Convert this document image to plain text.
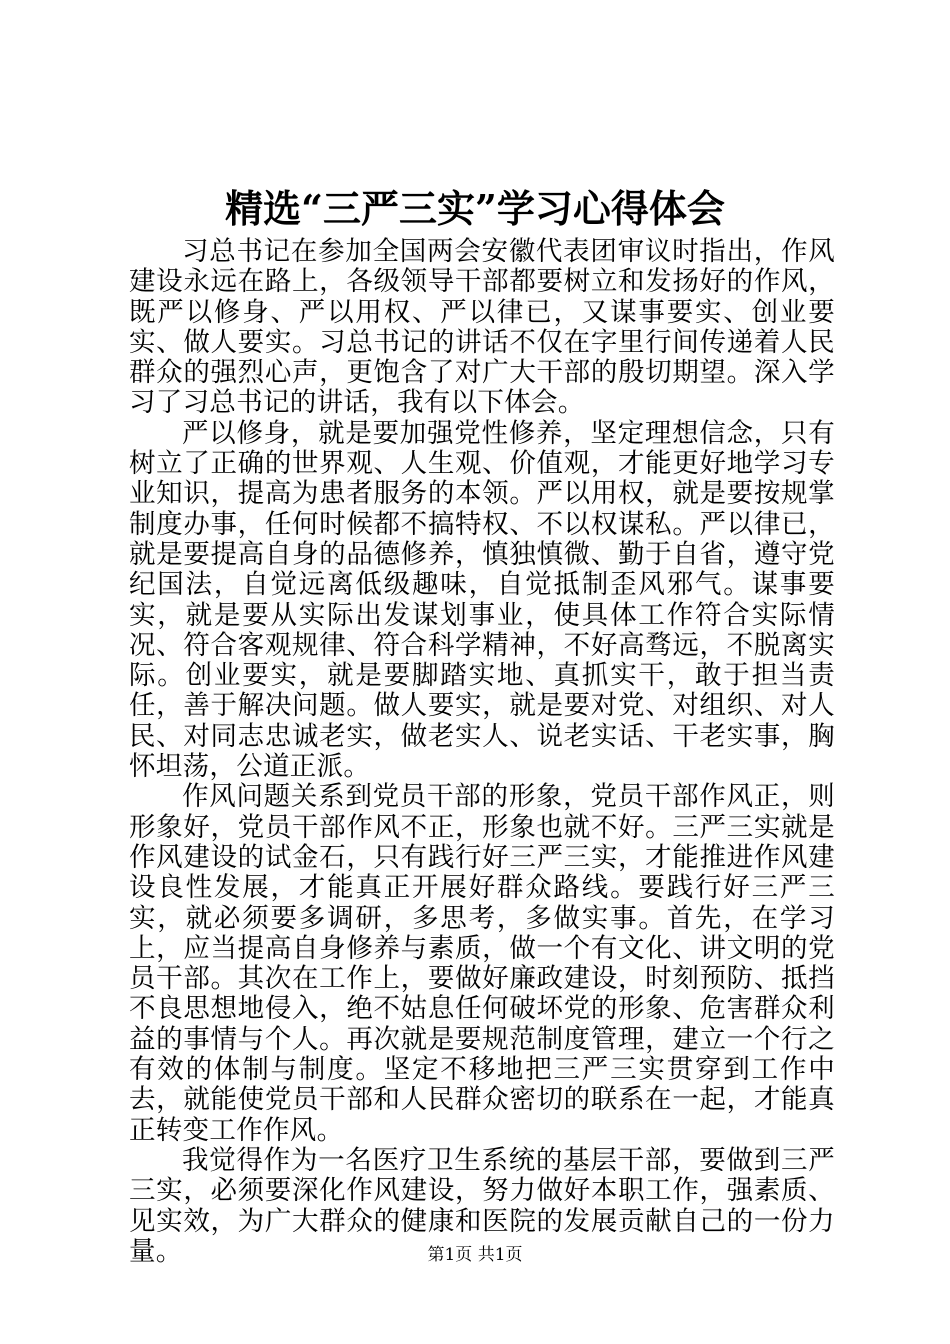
精选“三严三实”学习心得体会

习总书记在参加全国两会安徽代表团审议时指出，作风建设永远在路上，各级领导干部都要树立和发扬好的作风，既严以修身、严以用权、严以律已，又谋事要实、创业要实、做人要实。习总书记的讲话不仅在字里行间传递着人民群众的强烈心声，更饱含了对广大干部的殷切期望。深入学习了习总书记的讲话，我有以下体会。

严以修身，就是要加强党性修养，坚定理想信念，只有树立了正确的世界观、人生观、价值观，才能更好地学习专业知识，提高为患者服务的本领。严以用权，就是要按规掌制度办事，任何时候都不搞特权、不以权谋私。严以律已，就是要提高自身的品德修养，慎独慎微、勤于自省，遵守党纪国法，自觉远离低级趣味，自觉抵制歪风邪气。谋事要实，就是要从实际出发谋划事业，使具体工作符合实际情况、符合客观规律、符合科学精神，不好高骛远，不脱离实际。创业要实，就是要脚踏实地、真抓实干，敢于担当责任，善于解决问题。做人要实，就是要对党、对组织、对人民、对同志忠诚老实，做老实人、说老实话、干老实事，胸怀坦荡，公道正派。

作风问题关系到党员干部的形象，党员干部作风正，则形象好，党员干部作风不正，形象也就不好。三严三实就是作风建设的试金石，只有践行好三严三实，才能推进作风建设良性发展，才能真正开展好群众路线。要践行好三严三实，就必须要多调研，多思考，多做实事。首先，在学习上，应当提高自身修养与素质，做一个有文化、讲文明的党员干部。其次在工作上，要做好廉政建设，时刻预防、抵挡不良思想地侵入，绝不姑息任何破坏党的形象、危害群众利益的事情与个人。再次就是要规范制度管理，建立一个行之有效的体制与制度。坚定不移地把三严三实贯穿到工作中去，就能使党员干部和人民群众密切的联系在一起，才能真正转变工作作风。

我觉得作为一名医疗卫生系统的基层干部，要做到三严三实，必须要深化作风建设，努力做好本职工作，强素质、见实效，为广大群众的健康和医院的发展贡献自己的一份力量。	第1页 共1页
